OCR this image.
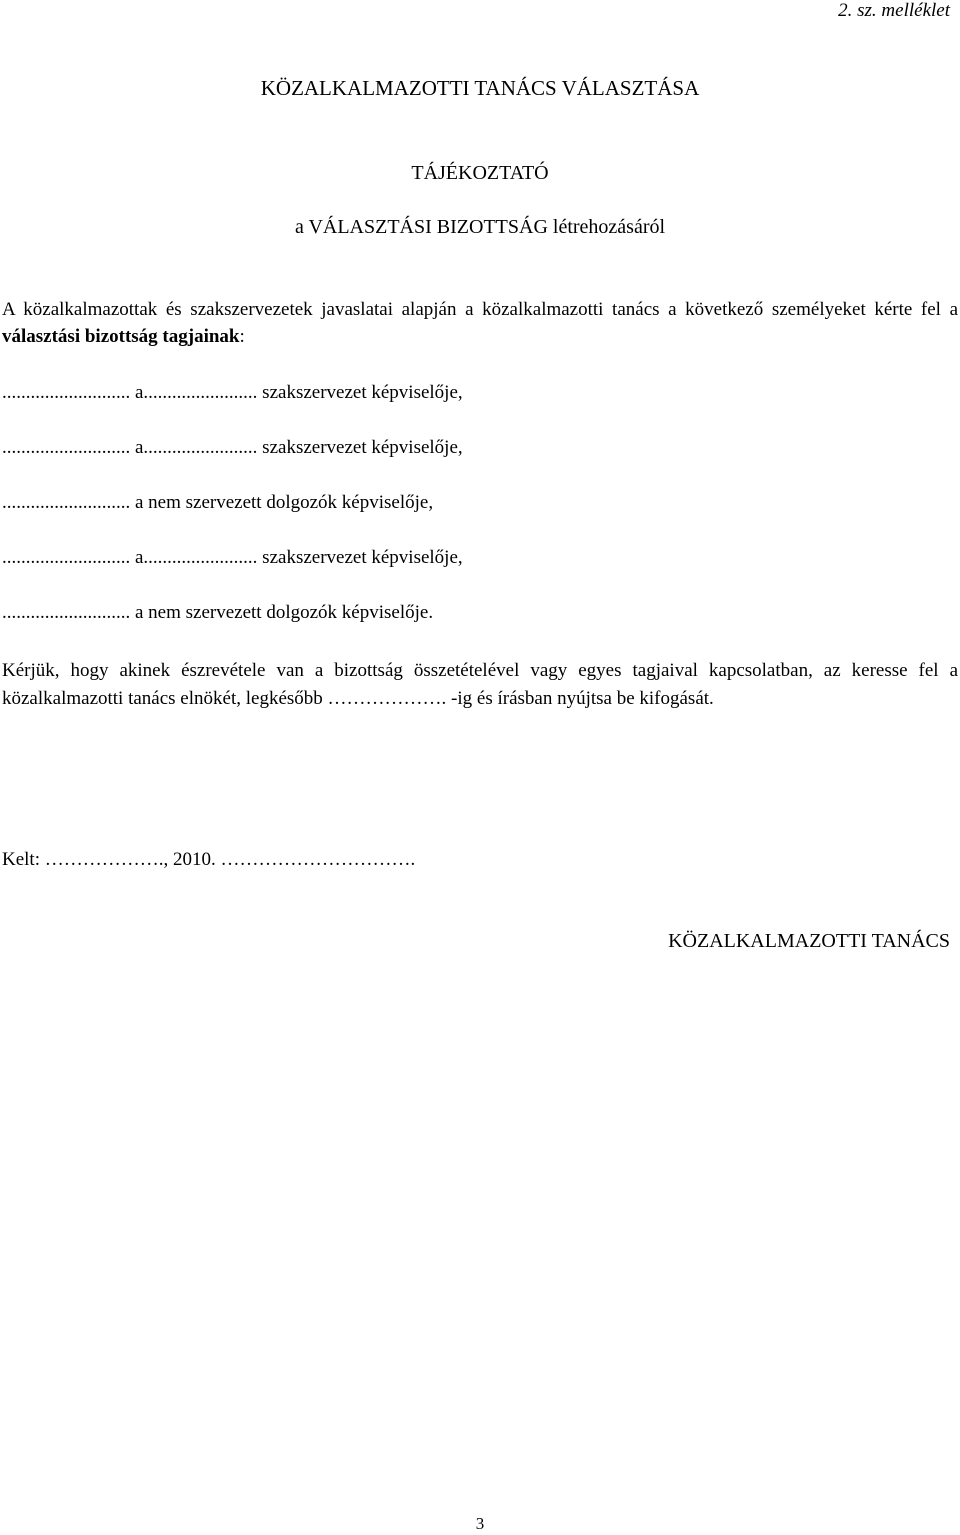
2. sz. melléklet
KÖZALKALMAZOTTI TANÁCS VÁLASZTÁSA
TÁJÉKOZTATÓ
a VÁLASZTÁSI BIZOTTSÁG létrehozásáról
A közalkalmazottak és szakszervezetek javaslatai alapján a közalkalmazotti tanács a következő személyeket kérte fel a választási bizottság tagjainak:
........................... a........................ szakszervezet képviselője,
........................... a........................ szakszervezet képviselője,
........................... a nem szervezett dolgozók képviselője,
........................... a........................ szakszervezet képviselője,
........................... a nem szervezett dolgozók képviselője.
Kérjük, hogy akinek észrevétele van a bizottság összetételével vagy egyes tagjaival kapcsolatban, az keresse fel a közalkalmazotti tanács elnökét, legkésőbb ………………. -ig és írásban nyújtsa be kifogását.
Kelt: ………………., 2010. ………………………….
KÖZALKALMAZOTTI TANÁCS
3
